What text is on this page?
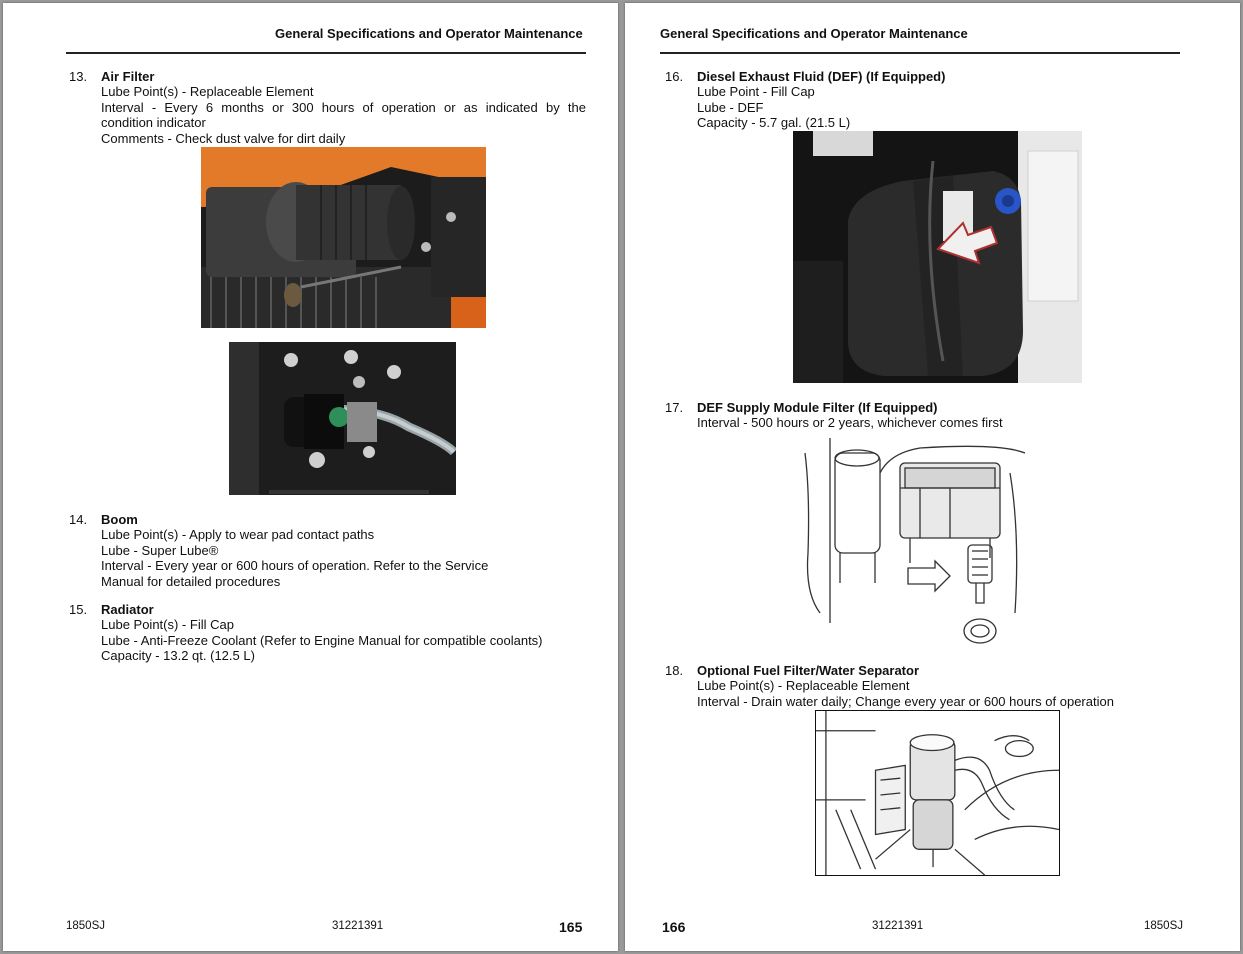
General Specifications and Operator Maintenance
13. Air Filter
Lube Point(s) - Replaceable Element
Interval - Every 6 months or 300 hours of operation or as indicated by the
condition indicator
Comments - Check dust valve for dirt daily
14. Boom
Lube Point(s) - Apply to wear pad contact paths
Lube - Super Lube®
Interval - Every year or 600 hours of operation. Refer to the Service
Manual for detailed procedures
15. Radiator
Lube Point(s) - Fill Cap
Lube - Anti-Freeze Coolant (Refer to Engine Manual for compatible coolants)
Capacity - 13.2 qt. (12.5 L)
1850SJ	31221391	165
General Specifications and Operator Maintenance
16. Diesel Exhaust Fluid (DEF) (If Equipped)
Lube Point - Fill Cap
Lube - DEF
Capacity - 5.7 gal. (21.5 L)
17. DEF Supply Module Filter (If Equipped)
Interval - 500 hours or 2 years, whichever comes first
18. Optional Fuel Filter/Water Separator
Lube Point(s) - Replaceable Element
Interval - Drain water daily; Change every year or 600 hours of operation
166	31221391	1850SJ
